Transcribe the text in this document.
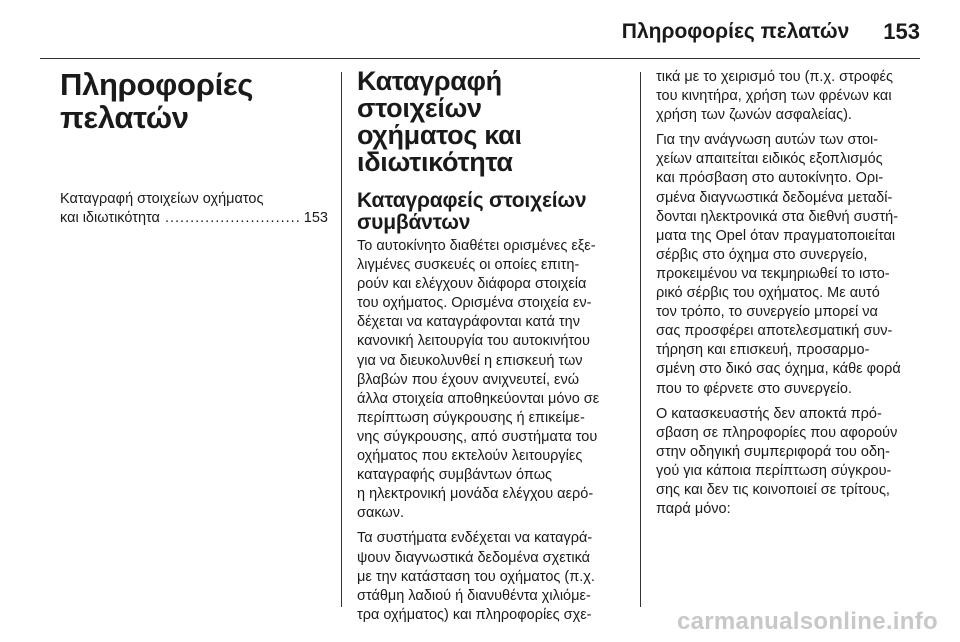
Πληροφορίες πελατών 153
Πληροφορίες
πελατών
Καταγραφή στοιχείων οχήματος
και ιδιωτικότητα
.....	153
Καταγραφή στοιχείων
οχήματος και
ιδιωτικότητα
Καταγραφείς στοιχείων
συμβάντων

Το αυτοκίνητο διαθέτει ορισμένες εξε-
λιγμένες συσκευές οι οποίες επιτη-
ρούν και ελέγχουν διάφορα στοιχεία
του οχήματος. Ορισμένα στοιχεία εν-
δέχεται να καταγράφονται κατά την
κανονική λειτουργία του αυτοκινήτου
για να διευκολυνθεί η επισκευή των
βλαβών που έχουν ανιχνευτεί, ενώ
άλλα στοιχεία αποθηκεύονται μόνο σε
περίπτωση σύγκρουσης ή επικείμε-
νης σύγκρουσης, από συστήματα του
οχήματος που εκτελούν λειτουργίες
καταγραφής συμβάντων όπως
η ηλεκτρονική μονάδα ελέγχου αερό-
σακων.

Τα συστήματα ενδέχεται να καταγρά-
ψουν διαγνωστικά δεδομένα σχετικά
με την κατάσταση του οχήματος (π.χ.
στάθμη λαδιού ή διανυθέντα χιλιόμε-
τρα οχήματος) και πληροφορίες σχε-

τικά με το χειρισμό του (π.χ. στροφές
του κινητήρα, χρήση των φρένων και
χρήση των ζωνών ασφαλείας).

Για την ανάγνωση αυτών των στοι-
χείων απαιτείται ειδικός εξοπλισμός
και πρόσβαση στο αυτοκίνητο. Ορι-
σμένα διαγνωστικά δεδομένα μεταδί-
δονται ηλεκτρονικά στα διεθνή συστή-
ματα της Opel όταν πραγματοποιείται
σέρβις στο όχημα στο συνεργείο,
προκειμένου να τεκμηριωθεί το ιστο-
ρικό σέρβις του οχήματος. Με αυτό
τον τρόπο, το συνεργείο μπορεί να
σας προσφέρει αποτελεσματική συν-
τήρηση και επισκευή, προσαρμο-
σμένη στο δικό σας όχημα, κάθε φορά
που το φέρνετε στο συνεργείο.

Ο κατασκευαστής δεν αποκτά πρό-
σβαση σε πληροφορίες που αφορούν
στην οδηγική συμπεριφορά του οδη-
γού για κάποια περίπτωση σύγκρου-
σης και δεν τις κοινοποιεί σε τρίτους,
παρά μόνο:

carmanualsonline.info
